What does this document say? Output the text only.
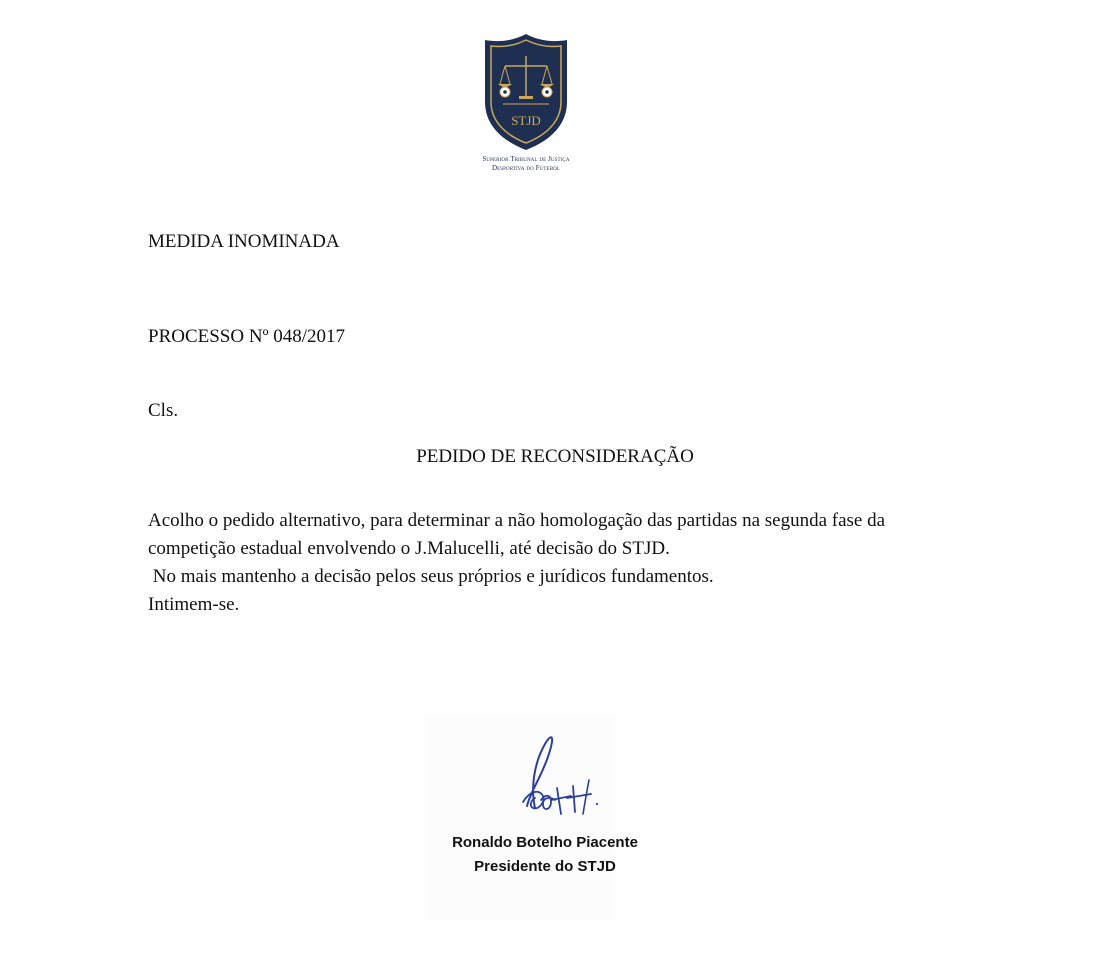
STJD
Superior Tribunal de Justiça
Desportiva do Futebol
MEDIDA INOMINADA
PROCESSO Nº 048/2017
Cls.
PEDIDO DE RECONSIDERAÇÃO

Acolho o pedido alternativo, para determinar a não homologação das partidas na segunda fase da

competição estadual envolvendo o J.Malucelli, até decisão do STJD.

No mais mantenho a decisão pelos seus próprios e jurídicos fundamentos.

Intimem-se.

Ronaldo Botelho Piacente
Presidente do STJD
